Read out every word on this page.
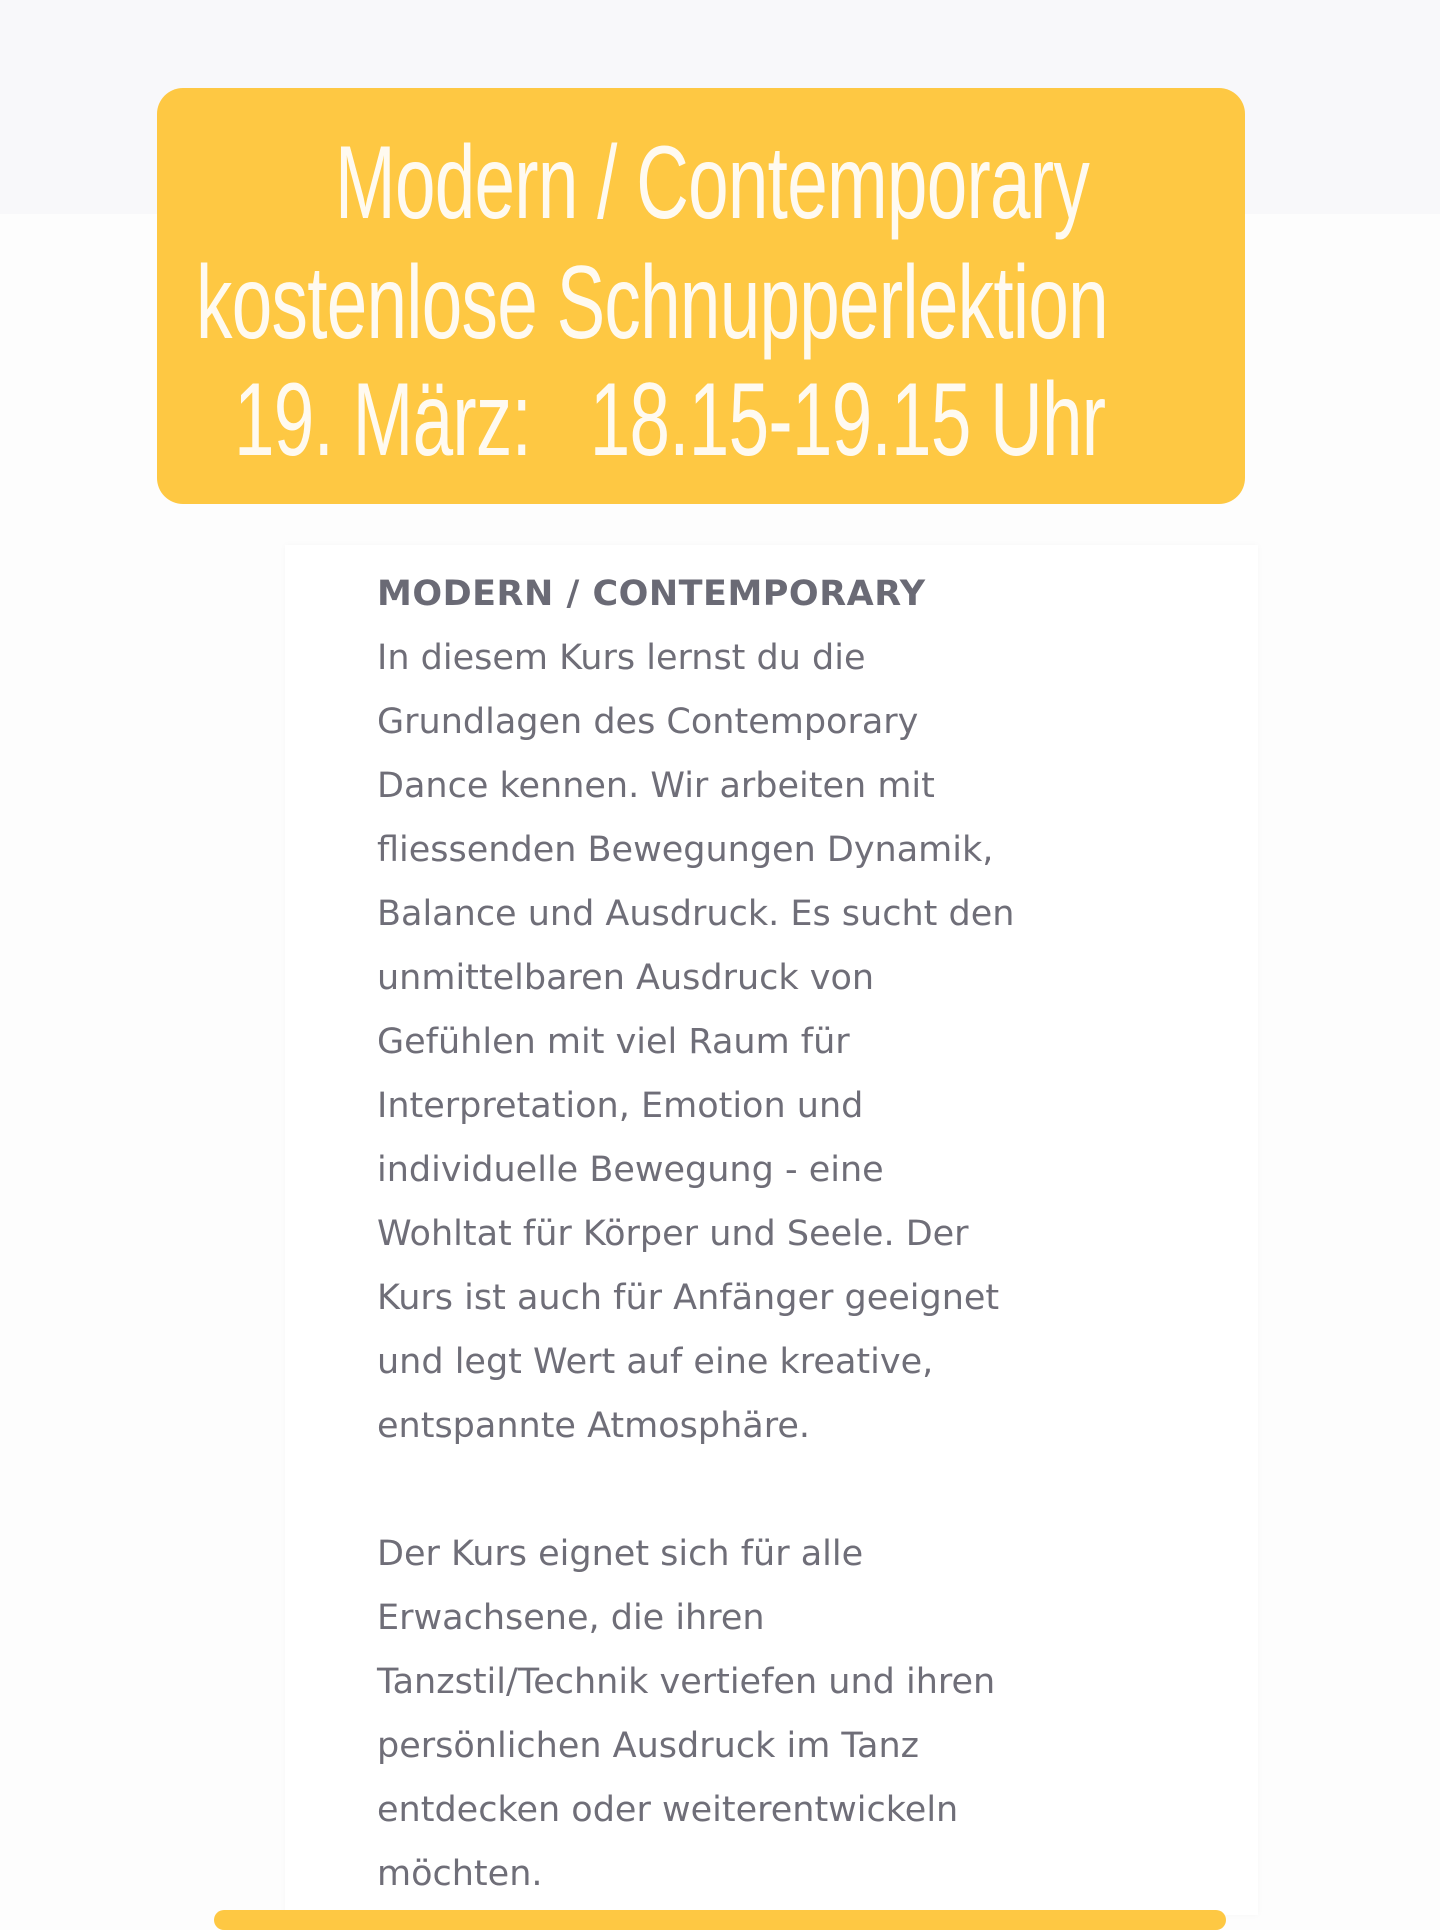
Modern / Contemporary
kostenlose Schnupperlektion
19. März:   18.15-19.15 Uhr
MODERN / CONTEMPORARY
In diesem Kurs lernst du die
Grundlagen des Contemporary
Dance kennen. Wir arbeiten mit
fliessenden Bewegungen Dynamik,
Balance und Ausdruck. Es sucht den
unmittelbaren Ausdruck von
Gefühlen mit viel Raum für
Interpretation, Emotion und
individuelle Bewegung - eine
Wohltat für Körper und Seele. Der
Kurs ist auch für Anfänger geeignet
und legt Wert auf eine kreative,
entspannte Atmosphäre.
Der Kurs eignet sich für alle
Erwachsene, die ihren
Tanzstil/Technik vertiefen und ihren
persönlichen Ausdruck im Tanz
entdecken oder weiterentwickeln
möchten.
